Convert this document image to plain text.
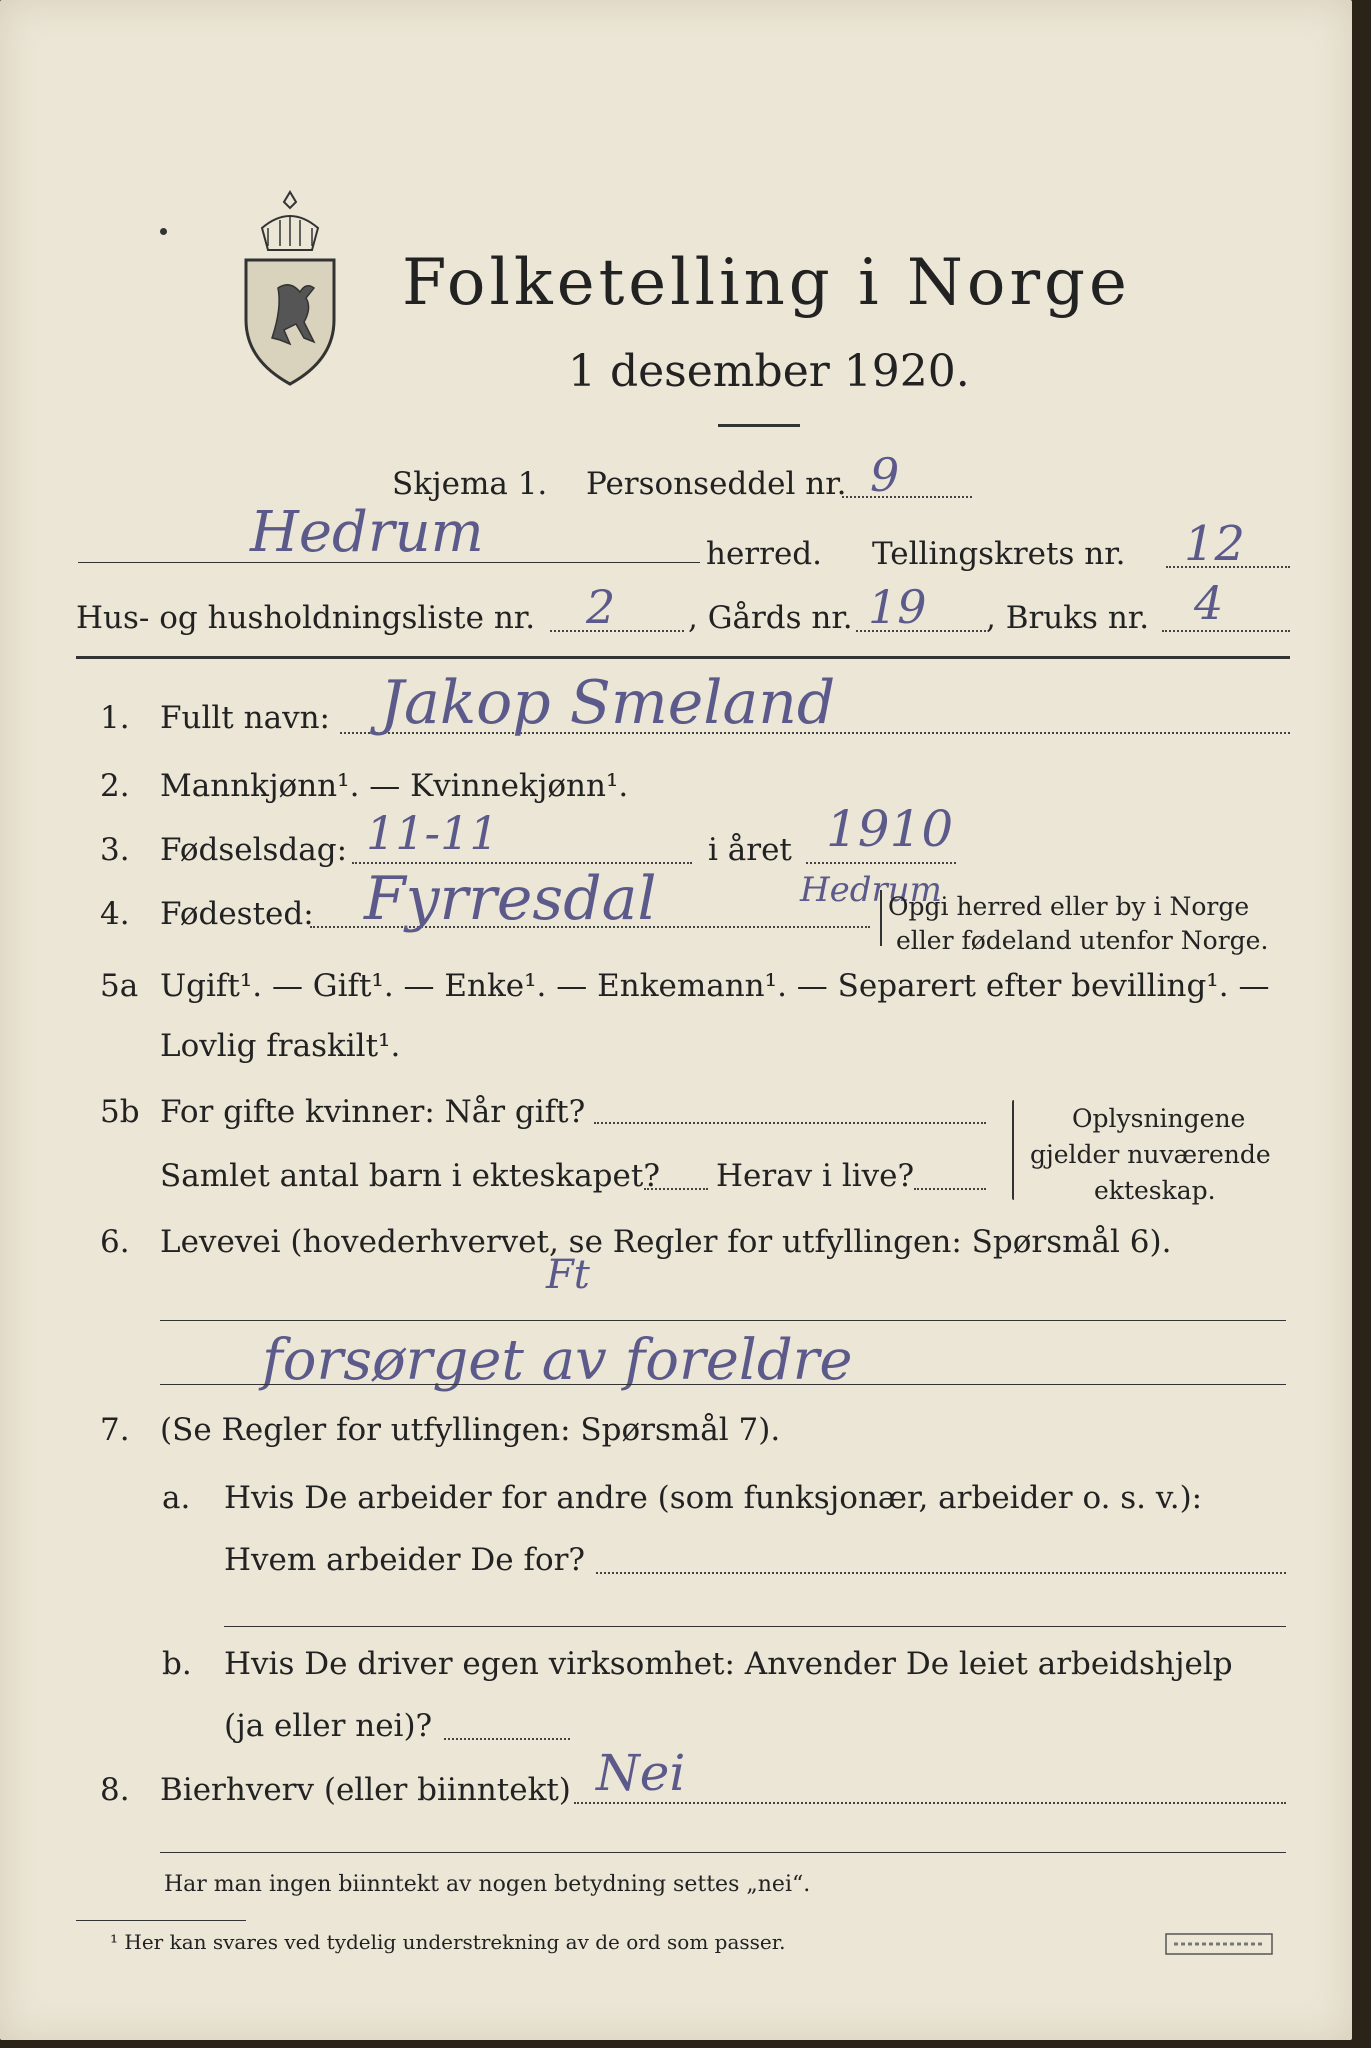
Folketelling i Norge
1 desember 1920.
Skjema 1. Personseddel nr. 9
Hedrum	herred. Tellingskrets nr. 12
Hus- og husholdningsliste nr. 2 , Gårds nr. 19 , Bruks nr. 4
1. Fullt navn: Jakop Smeland
2. Mannkjønn¹. — Kvinnekjønn¹.
3. Fødselsdag: 11-11	i året 1910
4. Fødested: Fyrresdal	Hedrum
Opgi herred eller by i Norge
eller fødeland utenfor Norge.
5a Ugift¹. — Gift¹. — Enke¹. — Enkemann¹. — Separert efter bevilling¹. —
Lovlig fraskilt¹.
5b For gifte kvinner: Når gift?
Samlet antal barn i ekteskapet? Herav i live?
Oplysningene
gjelder nuværende
ekteskap.
6. Levevei (hovederhvervet, se Regler for utfyllingen: Spørsmål 6).
Ft
forsørget av foreldre
7. (Se Regler for utfyllingen: Spørsmål 7).
a. Hvis De arbeider for andre (som funksjonær, arbeider o. s. v.):
Hvem arbeider De for?
b. Hvis De driver egen virksomhet: Anvender De leiet arbeidshjelp
(ja eller nei)?
8. Bierhverv (eller biinntekt) Nei
Har man ingen biinntekt av nogen betydning settes „nei“.
¹ Her kan svares ved tydelig understrekning av de ord som passer.
